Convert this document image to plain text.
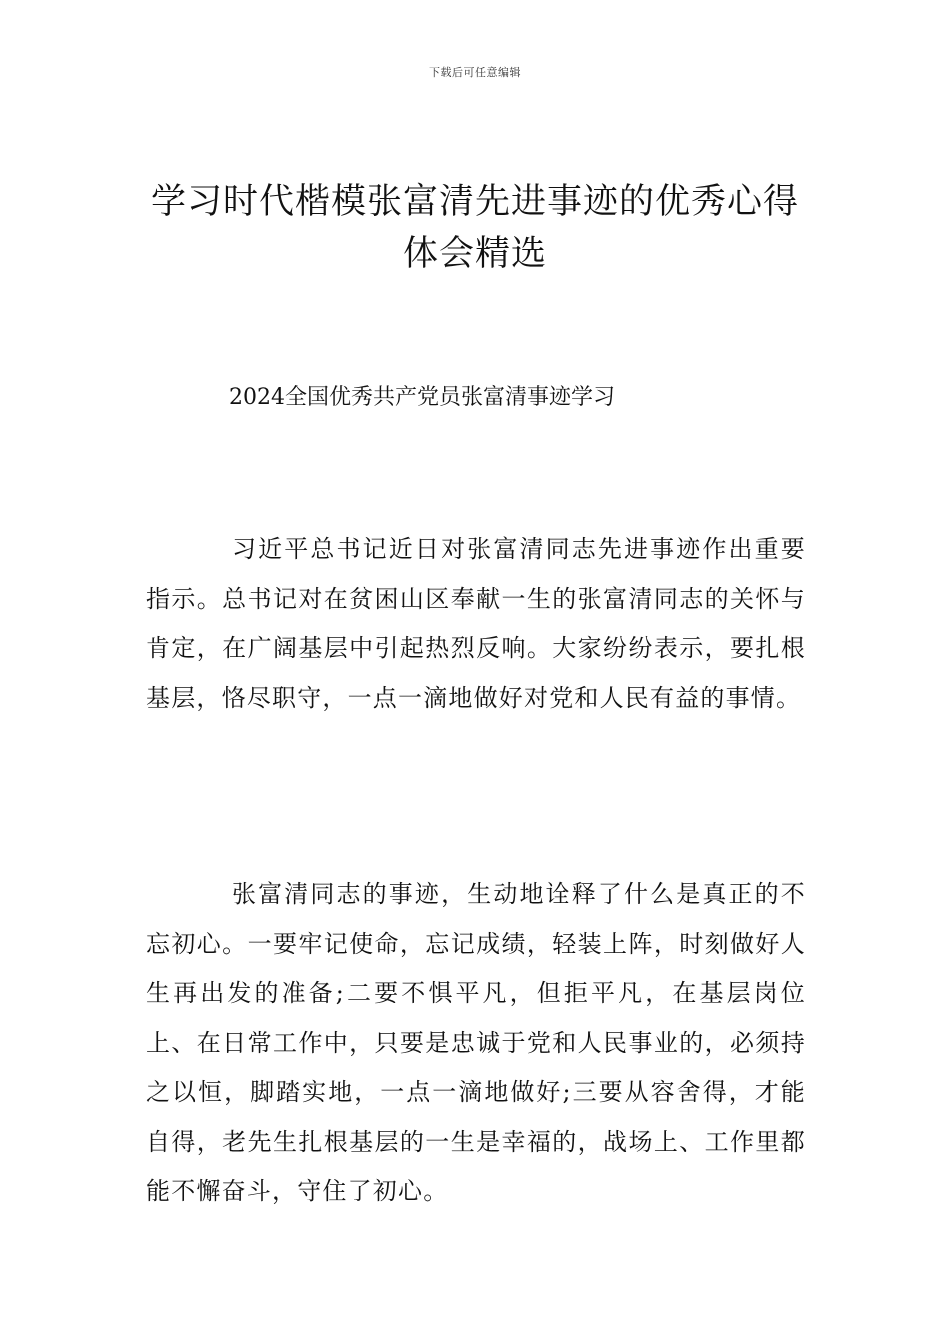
下载后可任意编辑
学习时代楷模张富清先进事迹的优秀心得体会精选
2024全国优秀共产党员张富清事迹学习

习近平总书记近日对张富清同志先进事迹作出重要指示。总书记对在贫困山区奉献一生的张富清同志的关怀与肯定，在广阔基层中引起热烈反响。大家纷纷表示，要扎根基层，恪尽职守，一点一滴地做好对党和人民有益的事情。

张富清同志的事迹，生动地诠释了什么是真正的不忘初心。一要牢记使命，忘记成绩，轻装上阵，时刻做好人生再出发的准备;二要不惧平凡，但拒平凡，在基层岗位上、在日常工作中，只要是忠诚于党和人民事业的，必须持之以恒，脚踏实地，一点一滴地做好;三要从容舍得，才能自得，老先生扎根基层的一生是幸福的，战场上、工作里都能不懈奋斗，守住了初心。
